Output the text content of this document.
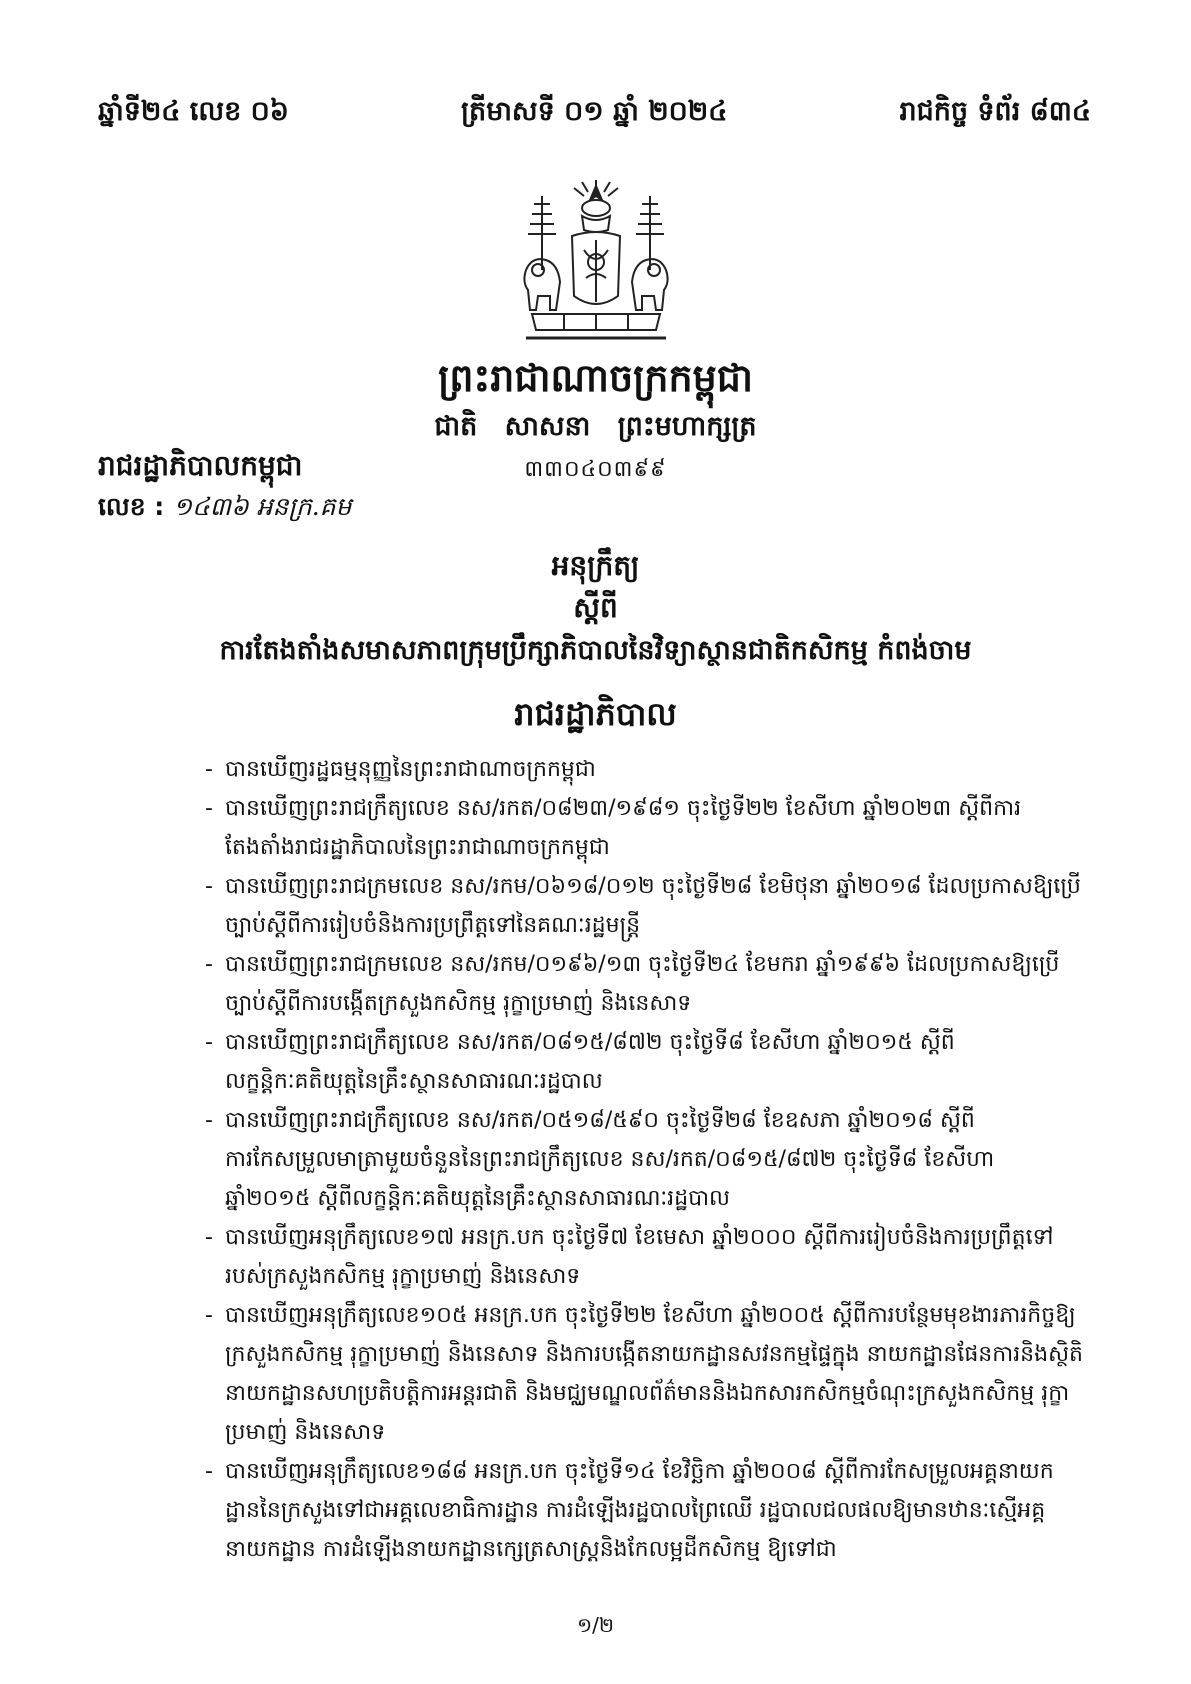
ឆ្នាំទី២៤ លេខ ០៦	ត្រីមាសទី ០១ ឆ្នាំ ២០២៤	រាជកិច្ច ទំព័រ ៨៣៤
ព្រះរាជាណាចក្រកម្ពុជា
ជាតិ សាសនា ព្រះមហាក្សត្រ
៣៣០៤០៣៩៩
រាជរដ្ឋាភិបាលកម្ពុជា
លេខ : ១៤៣៦ អនក្រ.គម
អនុក្រឹត្យ
ស្តីពី
ការតែងតាំងសមាសភាពក្រុមប្រឹក្សាភិបាលនៃវិទ្យាស្ថានជាតិកសិកម្ម កំពង់ចាម
រាជរដ្ឋាភិបាល
- បានឃើញរដ្ឋធម្មនុញ្ញនៃព្រះរាជាណាចក្រកម្ពុជា
- បានឃើញព្រះរាជក្រឹត្យលេខ នស/រកត/០៨២៣/១៩៨១ ចុះថ្ងៃទី២២ ខែសីហា ឆ្នាំ២០២៣ ស្តីពីការតែងតាំងរាជរដ្ឋាភិបាលនៃព្រះរាជាណាចក្រកម្ពុជា
- បានឃើញព្រះរាជក្រមលេខ នស/រកម/០៦១៨/០១២ ចុះថ្ងៃទី២៨ ខែមិថុនា ឆ្នាំ២០១៨ ដែលប្រកាសឱ្យប្រើច្បាប់ស្តីពីការរៀបចំនិងការប្រព្រឹត្តទៅនៃគណៈរដ្ឋមន្ត្រី
- បានឃើញព្រះរាជក្រមលេខ នស/រកម/០១៩៦/១៣ ចុះថ្ងៃទី២៤ ខែមករា ឆ្នាំ១៩៩៦ ដែលប្រកាសឱ្យប្រើច្បាប់ស្តីពីការបង្កើតក្រសួងកសិកម្ម រុក្ខាប្រមាញ់ និងនេសាទ
- បានឃើញព្រះរាជក្រឹត្យលេខ នស/រកត/០៨១៥/៨៧២ ចុះថ្ងៃទី៨ ខែសីហា ឆ្នាំ២០១៥ ស្តីពីលក្ខន្តិកៈគតិយុត្តនៃគ្រឹះស្ថានសាធារណៈរដ្ឋបាល
- បានឃើញព្រះរាជក្រឹត្យលេខ នស/រកត/០៥១៨/៥៩០ ចុះថ្ងៃទី២៨ ខែឧសភា ឆ្នាំ២០១៨ ស្តីពីការកែសម្រួលមាត្រាមួយចំនួននៃព្រះរាជក្រឹត្យលេខ នស/រកត/០៨១៥/៨៧២ ចុះថ្ងៃទី៨ ខែសីហា ឆ្នាំ២០១៥ ស្តីពីលក្ខន្តិកៈគតិយុត្តនៃគ្រឹះស្ថានសាធារណៈរដ្ឋបាល
- បានឃើញអនុក្រឹត្យលេខ១៧ អនក្រ.បក ចុះថ្ងៃទី៧ ខែមេសា ឆ្នាំ២០០០ ស្តីពីការរៀបចំនិងការប្រព្រឹត្តទៅរបស់ក្រសួងកសិកម្ម រុក្ខាប្រមាញ់ និងនេសាទ
- បានឃើញអនុក្រឹត្យលេខ១០៥ អនក្រ.បក ចុះថ្ងៃទី២២ ខែសីហា ឆ្នាំ២០០៥ ស្តីពីការបន្ថែមមុខងារភារកិច្ចឱ្យក្រសួងកសិកម្ម រុក្ខាប្រមាញ់ និងនេសាទ និងការបង្កើតនាយកដ្ឋានសវនកម្មផ្ទៃក្នុង នាយកដ្ឋានផែនការនិងស្ថិតិ នាយកដ្ឋានសហប្រតិបត្តិការអន្តរជាតិ និងមជ្ឈមណ្ឌលព័ត៌មាននិងឯកសារកសិកម្មចំណុះក្រសួងកសិកម្ម រុក្ខាប្រមាញ់ និងនេសាទ
- បានឃើញអនុក្រឹត្យលេខ១៨៨ អនក្រ.បក ចុះថ្ងៃទី១៤ ខែវិច្ឆិកា ឆ្នាំ២០០៨ ស្តីពីការកែសម្រួលអគ្គនាយកដ្ឋាននៃក្រសួងទៅជាអគ្គលេខាធិការដ្ឋាន ការដំឡើងរដ្ឋបាលព្រៃឈើ រដ្ឋបាលជលផលឱ្យមានឋានៈស្មើអគ្គនាយកដ្ឋាន ការដំឡើងនាយកដ្ឋានក្សេត្រសាស្ត្រនិងកែលម្អដីកសិកម្ម ឱ្យទៅជា
១/២
